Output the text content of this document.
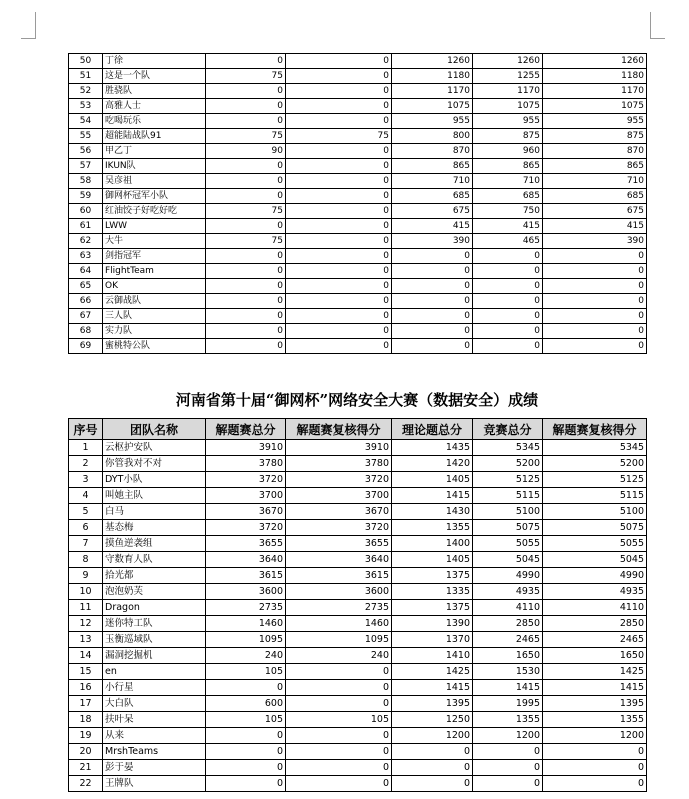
50	丁徐	0	0	1260	1260	1260
51	这是一个队	75	0	1180	1255	1180
52	胜骁队	0	0	1170	1170	1170
53	高雅人士	0	0	1075	1075	1075
54	吃喝玩乐	0	0	955	955	955
55	超能陆战队91	75	75	800	875	875
56	甲乙丁	90	0	870	960	870
57	IKUN队	0	0	865	865	865
58	吴彦祖	0	0	710	710	710
59	御网杯冠军小队	0	0	685	685	685
60	红油饺子好吃好吃	75	0	675	750	675
61	LWW	0	0	415	415	415
62	大牛	75	0	390	465	390
63	剑指冠军	0	0	0	0	0
64	FlightTeam	0	0	0	0	0
65	OK	0	0	0	0	0
66	云御战队	0	0	0	0	0
67	三人队	0	0	0	0	0
68	实力队	0	0	0	0	0
69	蜜桃特公队	0	0	0	0	0
河南省第十届“御网杯”网络安全大赛（数据安全）成绩
序号	团队名称	解题赛总分	解题赛复核得分	理论题总分	竞赛总分	解题赛复核得分
1	云枢护安队	3910	3910	1435	5345	5345
2	你管我对不对	3780	3780	1420	5200	5200
3	DYT小队	3720	3720	1405	5125	5125
4	叫她主队	3700	3700	1415	5115	5115
5	白马	3670	3670	1430	5100	5100
6	基态梅	3720	3720	1355	5075	5075
7	摸鱼逆袭组	3655	3655	1400	5055	5055
8	守数育人队	3640	3640	1405	5045	5045
9	拾光都	3615	3615	1375	4990	4990
10	泡泡奶芙	3600	3600	1335	4935	4935
11	Dragon	2735	2735	1375	4110	4110
12	迷你特工队	1460	1460	1390	2850	2850
13	玉衡巡域队	1095	1095	1370	2465	2465
14	漏洞挖掘机	240	240	1410	1650	1650
15	en	105	0	1425	1530	1425
16	小行星	0	0	1415	1415	1415
17	大白队	600	0	1395	1995	1395
18	扶叶呆	105	105	1250	1355	1355
19	从来	0	0	1200	1200	1200
20	MrshTeams	0	0	0	0	0
21	彭于晏	0	0	0	0	0
22	王牌队	0	0	0	0	0
